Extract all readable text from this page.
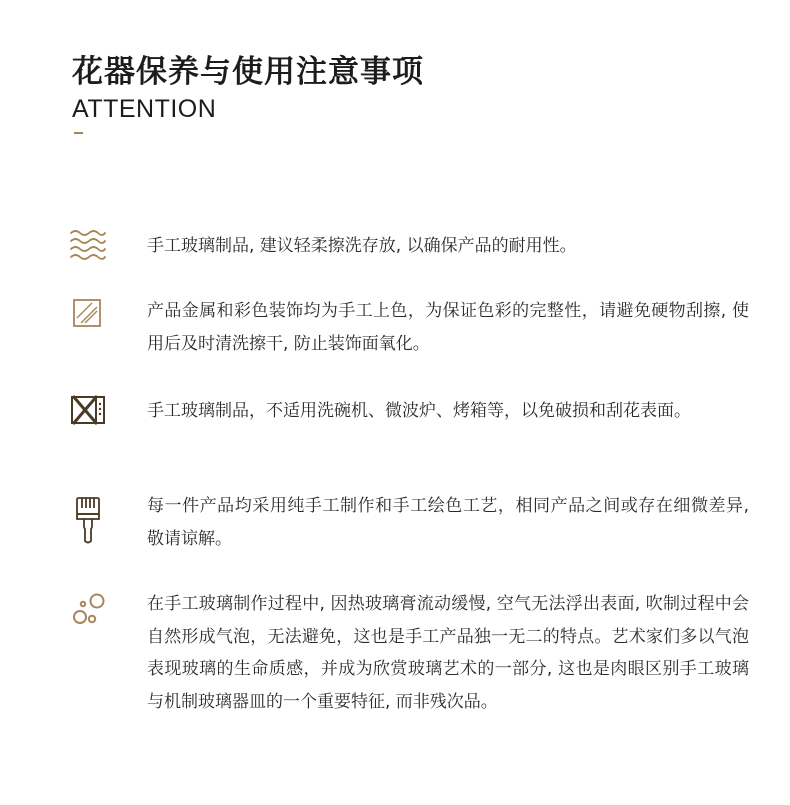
花器保养与使用注意事项
ATTENTION
手工玻璃制品, 建议轻柔擦洗存放, 以确保产品的耐用性。
产品金属和彩色装饰均为手工上色，为保证色彩的完整性，请避免硬物刮擦, 使用后及时清洗擦干, 防止装饰面氧化。
手工玻璃制品，不适用洗碗机、微波炉、烤箱等，以免破损和刮花表面。
每一件产品均采用纯手工制作和手工绘色工艺，相同产品之间或存在细微差异, 敬请谅解。
在手工玻璃制作过程中, 因热玻璃膏流动缓慢, 空气无法浮出表面, 吹制过程中会自然形成气泡，无法避免，这也是手工产品独一无二的特点。艺术家们多以气泡表现玻璃的生命质感，并成为欣赏玻璃艺术的一部分, 这也是肉眼区别手工玻璃与机制玻璃器皿的一个重要特征, 而非残次品。
